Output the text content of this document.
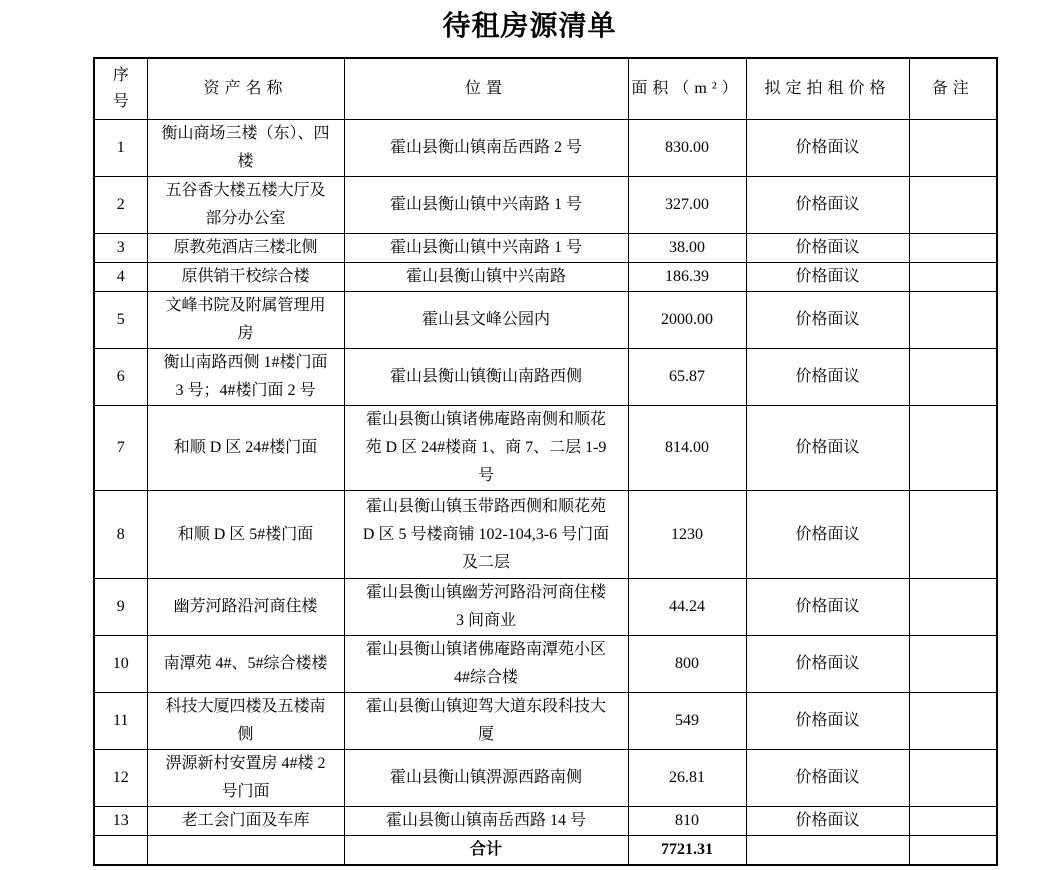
待租房源清单
序号	资产名称	位置	面积（m²）	拟定拍租价格	备注
1	衡山商场三楼（东）、四楼	霍山县衡山镇南岳西路 2 号	830.00	价格面议	
2	五谷香大楼五楼大厅及部分办公室	霍山县衡山镇中兴南路 1 号	327.00	价格面议	
3	原教苑酒店三楼北侧	霍山县衡山镇中兴南路 1 号	38.00	价格面议	
4	原供销干校综合楼	霍山县衡山镇中兴南路	186.39	价格面议	
5	文峰书院及附属管理用房	霍山县文峰公园内	2000.00	价格面议	
6	衡山南路西侧 1#楼门面 3 号；4#楼门面 2 号	霍山县衡山镇衡山南路西侧	65.87	价格面议	
7	和顺 D 区 24#楼门面	霍山县衡山镇诸佛庵路南侧和顺花苑 D 区 24#楼商 1、商 7、二层 1-9 号	814.00	价格面议	
8	和顺 D 区 5#楼门面	霍山县衡山镇玉带路西侧和顺花苑 D 区 5 号楼商铺 102-104,3-6 号门面及二层	1230	价格面议	
9	幽芳河路沿河商住楼	霍山县衡山镇幽芳河路沿河商住楼 3 间商业	44.24	价格面议	
10	南潭苑 4#、5#综合楼楼	霍山县衡山镇诸佛庵路南潭苑小区 4#综合楼	800	价格面议	
11	科技大厦四楼及五楼南侧	霍山县衡山镇迎驾大道东段科技大厦	549	价格面议	
12	淠源新村安置房 4#楼 2 号门面	霍山县衡山镇淠源西路南侧	26.81	价格面议	
13	老工会门面及车库	霍山县衡山镇南岳西路 14 号	810	价格面议	
		合计	7721.31		
